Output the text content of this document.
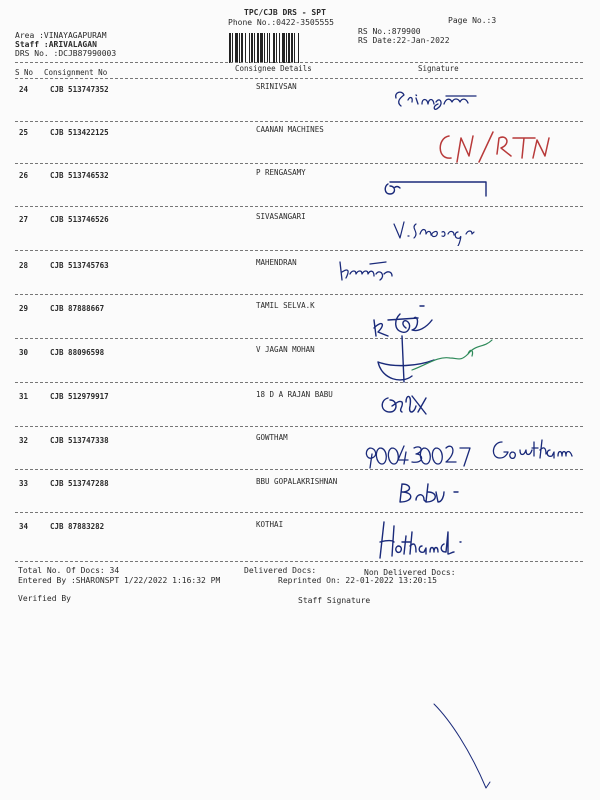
TPC/CJB DRS - SPT
Phone No.:0422-3505555	Page No.:3
Area :VINAYAGAPURAM
Staff :ARIVALAGAN
DRS No. :DCJB87990003
RS No.:879900
RS Date:22-Jan-2022
S No Consignment No	Consignee Details	Signature
24	CJB 513747352	SRINIVSAN
25	CJB 513422125	CAANAN MACHINES
26	CJB 513746532	P RENGASAMY
27	CJB 513746526	SIVASANGARI
28	CJB 513745763	MAHENDRAN
29	CJB 87888667	TAMIL SELVA.K
30	CJB 88096598	V JAGAN MOHAN
31	CJB 512979917	18 D A RAJAN BABU
32	CJB 513747338	GOWTHAM
33	CJB 513747288	BBU GOPALAKRISHNAN
34	CJB 87883282	KOTHAI
Total No. Of Docs: 34	Delivered Docs:	Non Delivered Docs:
Entered By :SHARONSPT 1/22/2022 1:16:32 PM	Reprinted On: 22-01-2022 13:20:15
Verified By	Staff Signature
